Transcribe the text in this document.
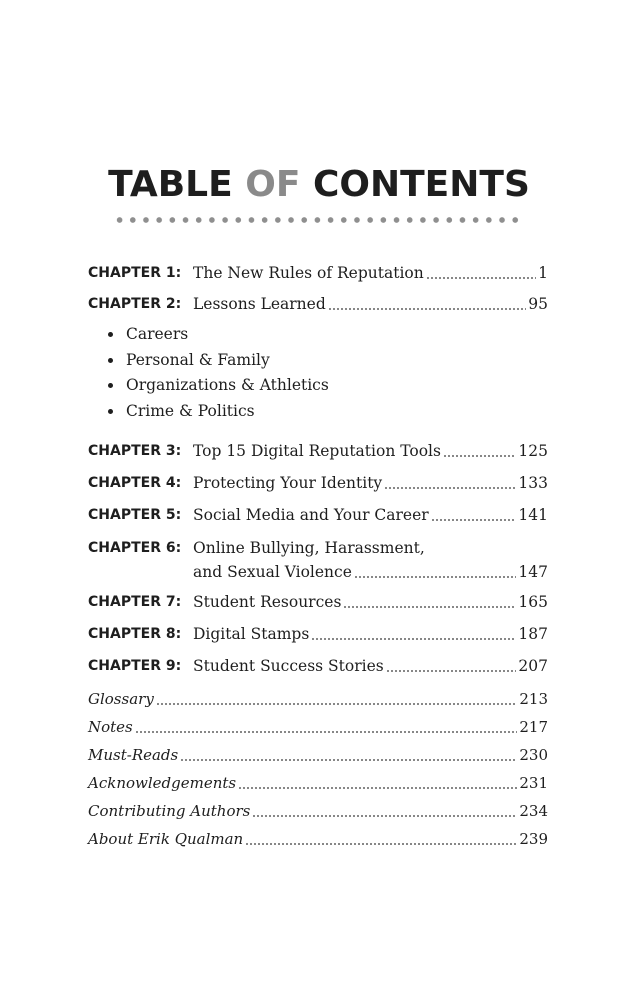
TABLE OF CONTENTS
CHAPTER 1: The New Rules of Reputation	1
CHAPTER 2: Lessons Learned	95
Careers
Personal & Family
Organizations & Athletics
Crime & Politics
CHAPTER 3: Top 15 Digital Reputation Tools	125
CHAPTER 4: Protecting Your Identity	133
CHAPTER 5: Social Media and Your Career	141
CHAPTER 6: Online Bullying, Harassment,
and Sexual Violence	147
CHAPTER 7: Student Resources	165
CHAPTER 8: Digital Stamps	187
CHAPTER 9: Student Success Stories	207
Glossary	213
Notes	217
Must-Reads	230
Acknowledgements	231
Contributing Authors	234
About Erik Qualman	239
